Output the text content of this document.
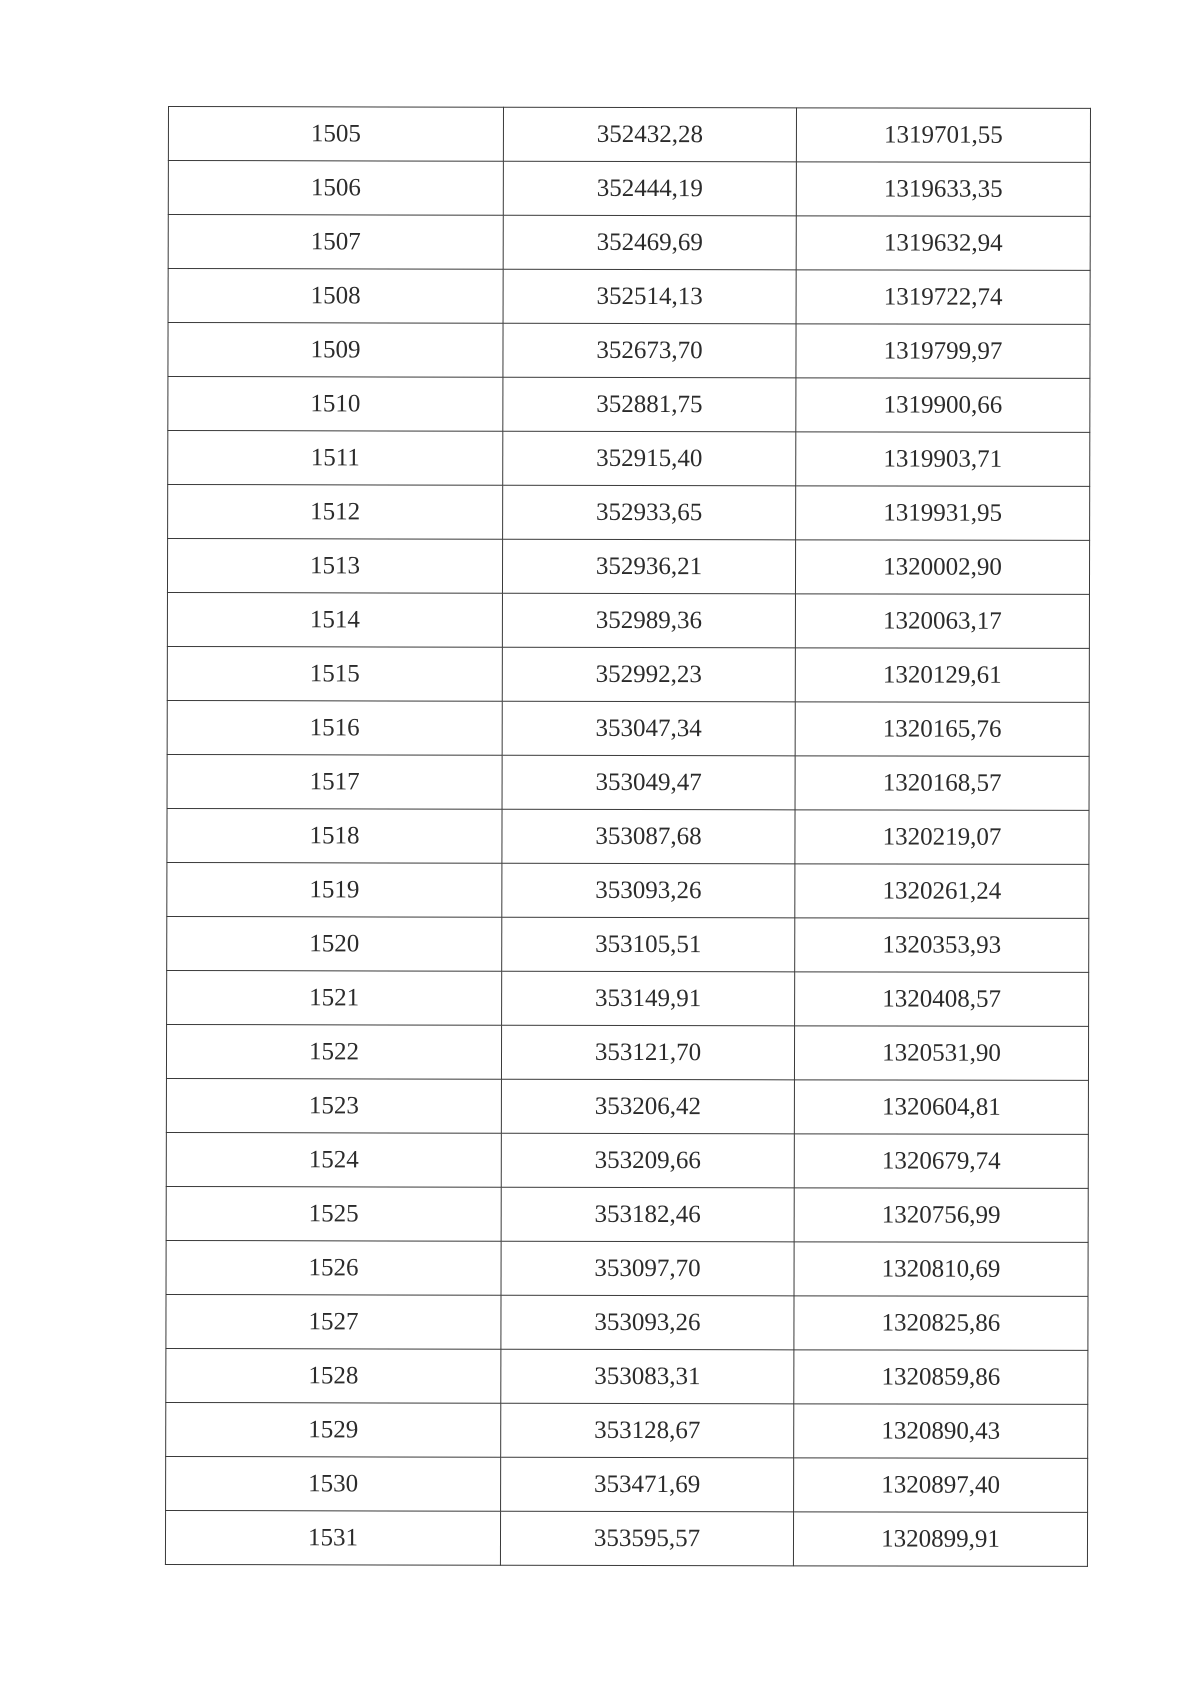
1505	352432,28	1319701,55
1506	352444,19	1319633,35
1507	352469,69	1319632,94
1508	352514,13	1319722,74
1509	352673,70	1319799,97
1510	352881,75	1319900,66
1511	352915,40	1319903,71
1512	352933,65	1319931,95
1513	352936,21	1320002,90
1514	352989,36	1320063,17
1515	352992,23	1320129,61
1516	353047,34	1320165,76
1517	353049,47	1320168,57
1518	353087,68	1320219,07
1519	353093,26	1320261,24
1520	353105,51	1320353,93
1521	353149,91	1320408,57
1522	353121,70	1320531,90
1523	353206,42	1320604,81
1524	353209,66	1320679,74
1525	353182,46	1320756,99
1526	353097,70	1320810,69
1527	353093,26	1320825,86
1528	353083,31	1320859,86
1529	353128,67	1320890,43
1530	353471,69	1320897,40
1531	353595,57	1320899,91
